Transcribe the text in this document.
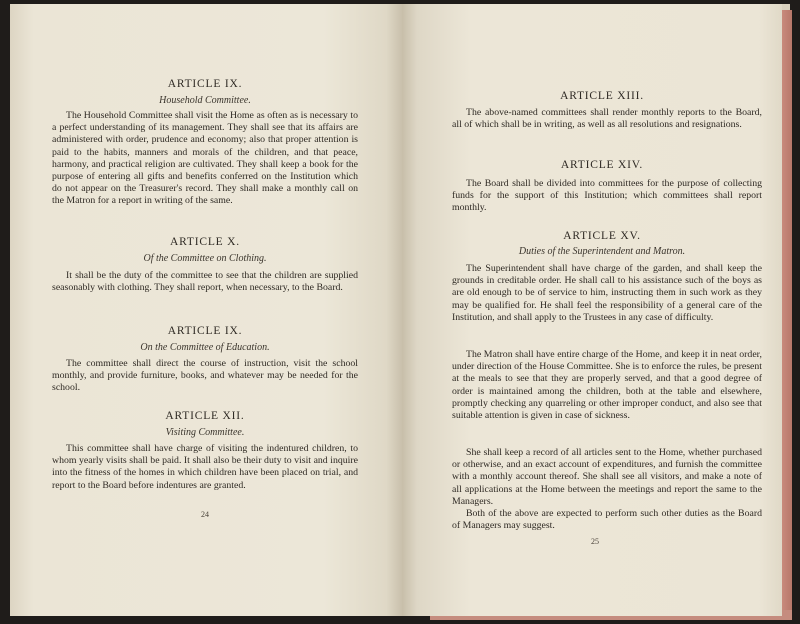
ARTICLE IX.
Household Committee.

The Household Committee shall visit the Home as often as is necessary to a perfect understanding of its management. They shall see that its affairs are administered with order, prudence and economy; also that proper attention is paid to the habits, manners and morals of the children, and that peace, harmony, and practical religion are cultivated. They shall keep a book for the purpose of entering all gifts and benefits conferred on the Institution which do not appear on the Treasurer's record. They shall make a monthly call on the Matron for a report in writing of the same.

ARTICLE X.
Of the Committee on Clothing.

It shall be the duty of the committee to see that the children are supplied seasonably with clothing. They shall report, when necessary, to the Board.

ARTICLE IX.
On the Committee of Education.

The committee shall direct the course of instruction, visit the school monthly, and provide furniture, books, and whatever may be needed for the school.

ARTICLE XII.
Visiting Committee.

This committee shall have charge of visiting the indentured children, to whom yearly visits shall be paid. It shall also be their duty to visit and inquire into the fitness of the homes in which children have been placed on trial, and report to the Board before indentures are granted.

24
ARTICLE XIII.

The above-named committees shall render monthly reports to the Board, all of which shall be in writing, as well as all resolutions and resignations.

ARTICLE XIV.

The Board shall be divided into committees for the purpose of collecting funds for the support of this Institution; which committees shall report monthly.

ARTICLE XV.
Duties of the Superintendent and Matron.

The Superintendent shall have charge of the garden, and shall keep the grounds in creditable order. He shall call to his assistance such of the boys as are old enough to be of service to him, instructing them in such work as they may be qualified for. He shall feel the responsibility of a general care of the Institution, and shall apply to the Trustees in any case of difficulty.

The Matron shall have entire charge of the Home, and keep it in neat order, under direction of the House Committee. She is to enforce the rules, be present at the meals to see that they are properly served, and that a good degree of order is maintained among the children, both at the table and elsewhere, promptly checking any quarreling or other improper conduct, and also see that suitable attention is given in case of sickness.

She shall keep a record of all articles sent to the Home, whether purchased or otherwise, and an exact account of expenditures, and furnish the committee with a monthly account thereof. She shall see all visitors, and make a note of all applications at the Home between the meetings and report the same to the Managers.

Both of the above are expected to perform such other duties as the Board of Managers may suggest.

25
